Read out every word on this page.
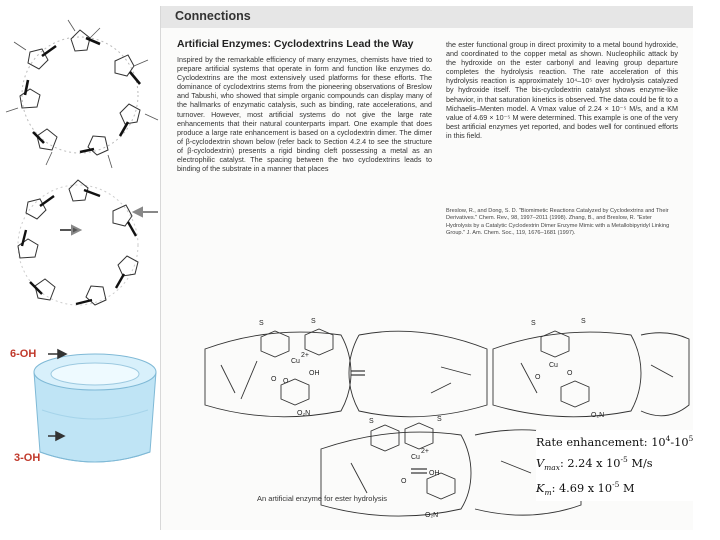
6-OH
3-OH
Connections
Artificial Enzymes: Cyclodextrins Lead the Way
Inspired by the remarkable efficiency of many enzymes, chemists have tried to prepare artificial systems that operate in form and function like enzymes do. Cyclodextrins are the most extensively used platforms for these efforts. The dominance of cyclodextrins stems from the pioneering observations of Breslow and Tabushi, who showed that simple organic compounds can display many of the hallmarks of enzymatic catalysis, such as binding, rate accelerations, and turnover. However, most artificial systems do not give the large rate enhancements that their natural counterparts impart. One example that does produce a large rate enhancement is based on a cyclodextrin dimer. The dimer of β-cyclodextrin shown below (refer back to Section 4.2.4 to see the structure of β-cyclodextrin) presents a rigid binding cleft possessing a metal as an electrophilic catalyst. The spacing between the two cyclodextrins leads to binding of the substrate in a manner that places
the ester functional group in direct proximity to a metal bound hydroxide, and coordinated to the copper metal as shown. Nucleophilic attack by the hydroxide on the ester carbonyl and leaving group departure completes the hydrolysis reaction. The rate acceleration of this hydrolysis reaction is approximately 10⁴–10⁵ over hydrolysis catalyzed by hydroxide itself. The bis-cyclodextrin catalyst shows enzyme-like behavior, in that saturation kinetics is observed. The data could be fit to a Michaelis–Menten model. A Vmax value of 2.24 × 10⁻⁵ M/s, and a KM value of 4.69 × 10⁻⁵ M were determined. This example is one of the very best artificial enzymes yet reported, and bodes well for continued efforts in this field.

Breslow, R., and Dong, S. D. "Biomimetic Reactions Catalyzed by Cyclodextrins and Their Derivatives." Chem. Rev., 98, 1997–2011 (1998). Zhang, B., and Breslow, R. "Ester Hydrolysis by a Catalytic Cyclodextrin Dimer Enzyme Mimic with a Metallobipyridyl Linking Group." J. Am. Chem. Soc., 119, 1676–1681 (1997).

S	S
Cu
2+
OH
O O
O₂N
S	S
Cu
O
O
O₂N
S	S
Cu
2+
OH
O
O₂N
An artificial enzyme for ester hydrolysis
Rate enhancement: $10^4-10^5$
$V_{max}$: 2.24 x $10^{-5}$ M/s
$K_m$: 4.69 x $10^{-5}$ M
